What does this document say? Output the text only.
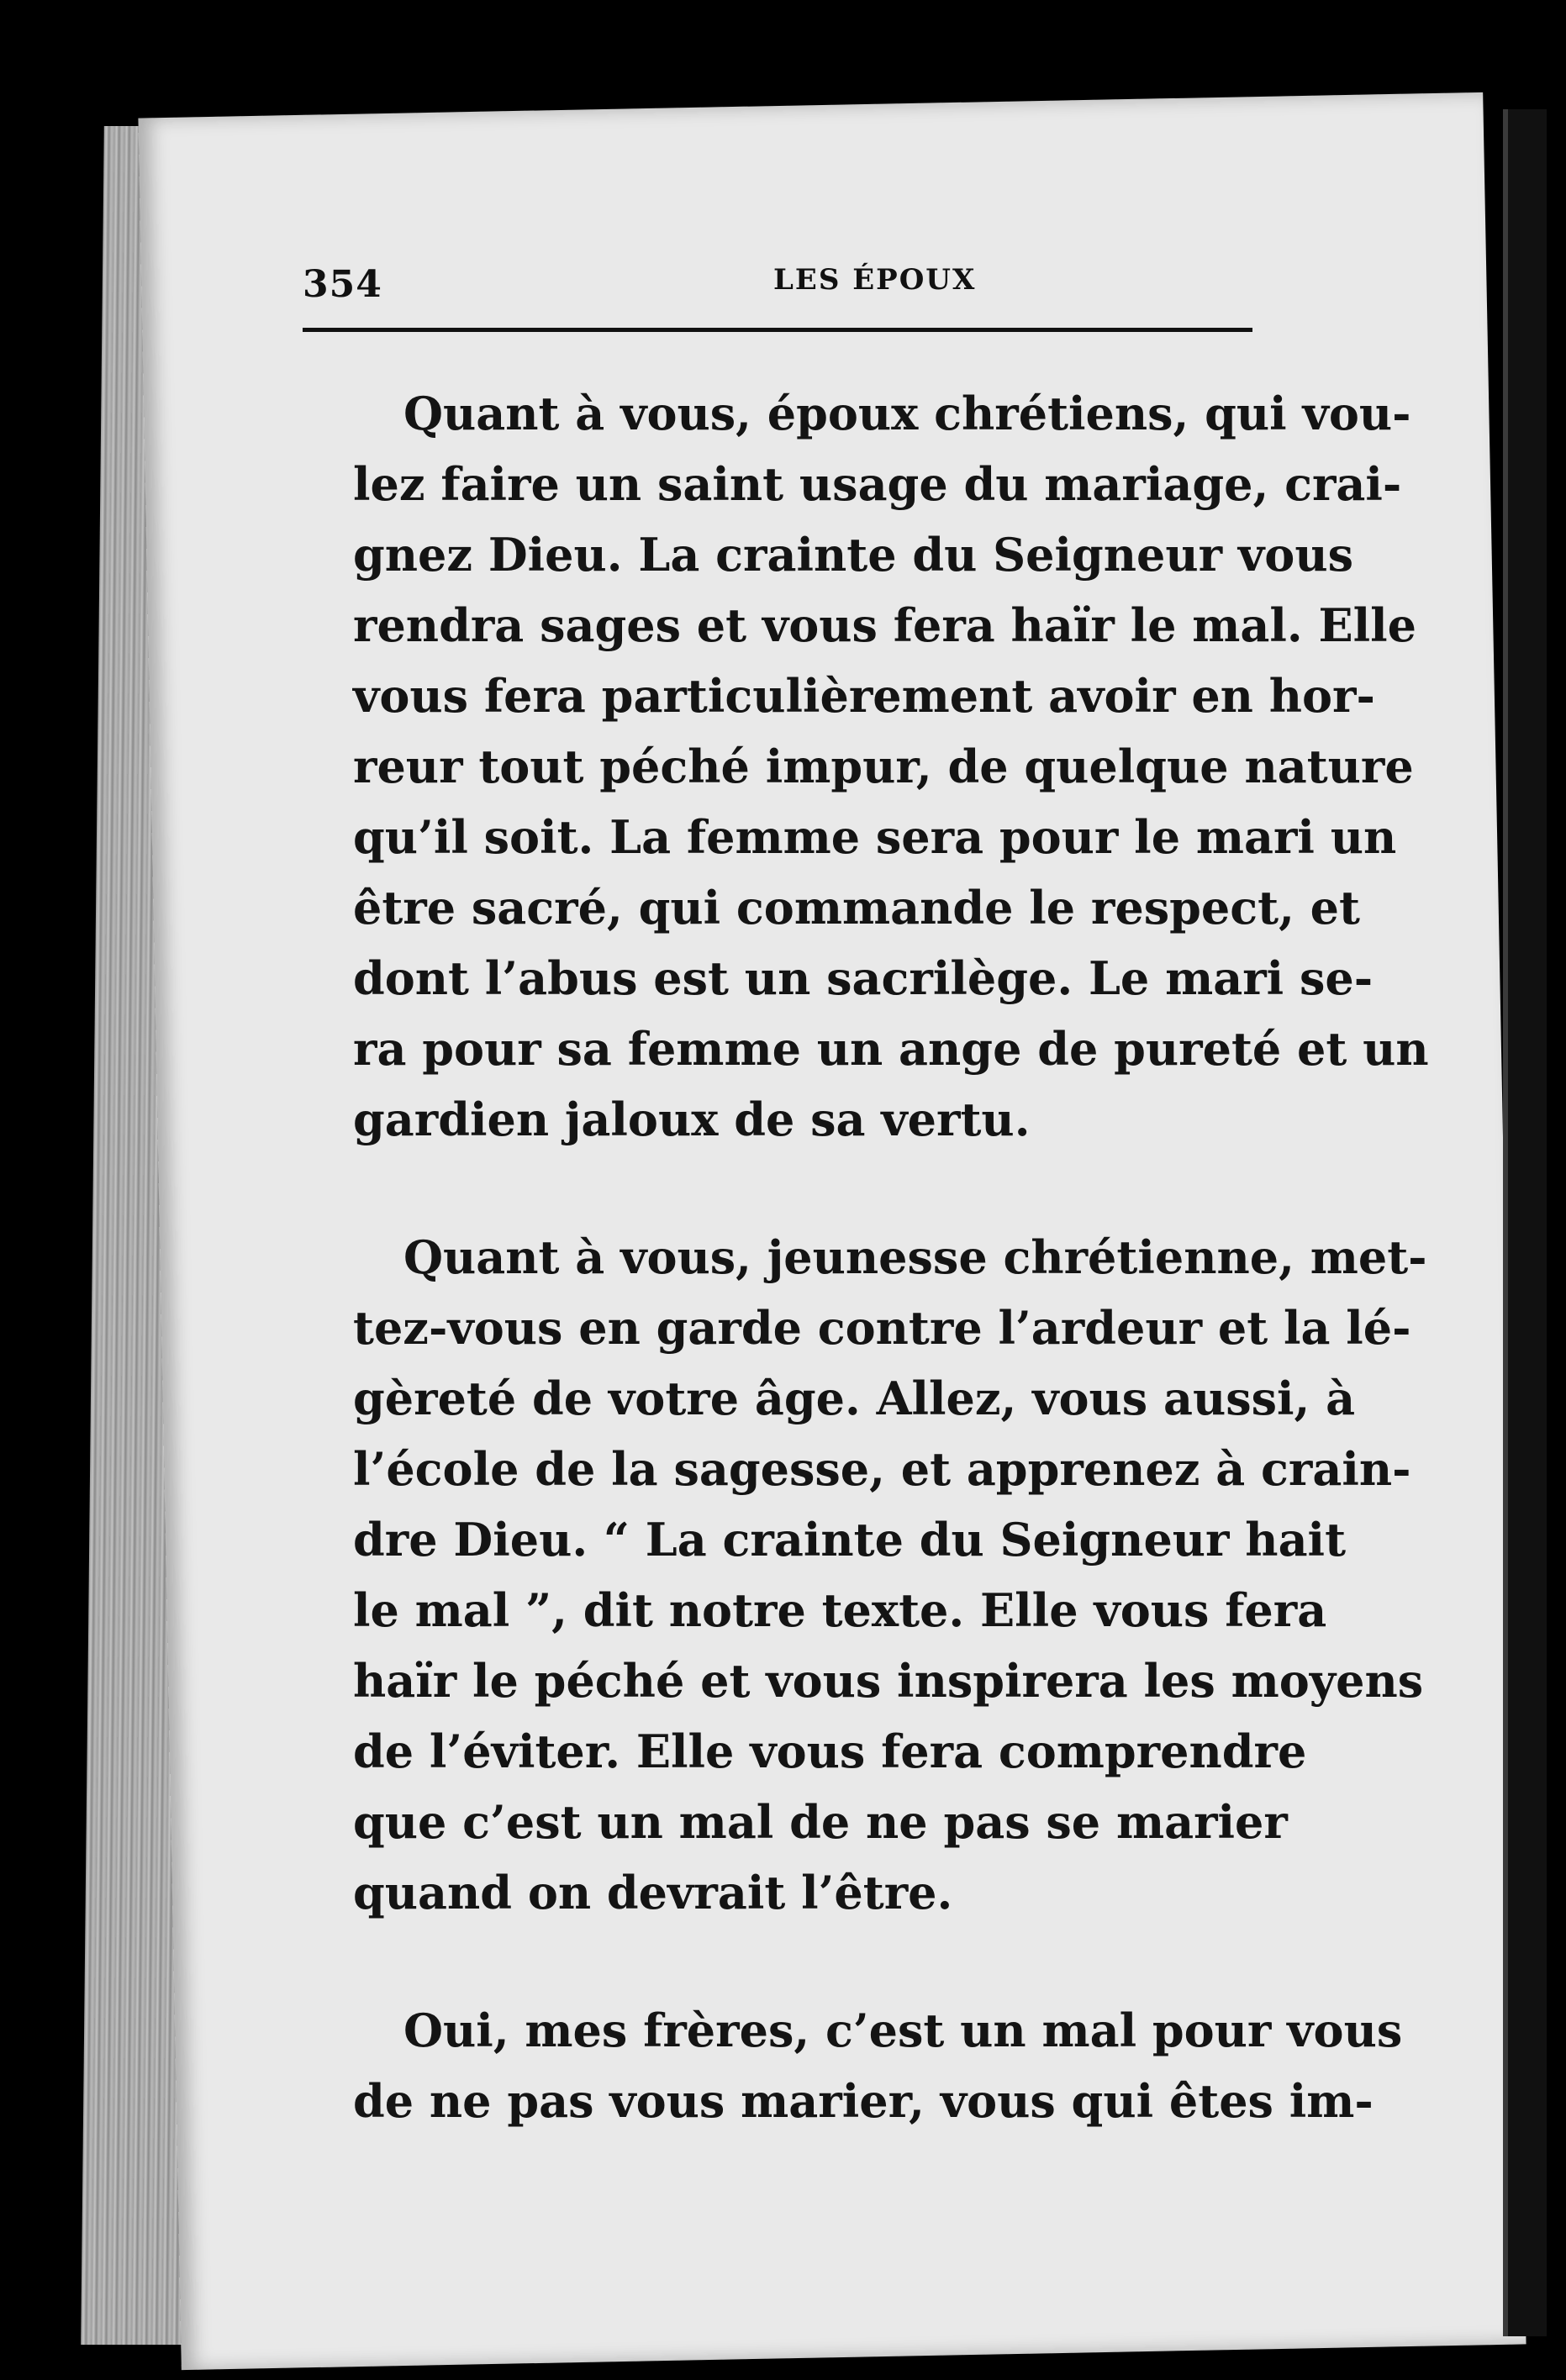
354	LES ÉPOUX
Quant à vous, époux chrétiens, qui vou-
lez faire un saint usage du mariage, crai-
gnez Dieu. La crainte du Seigneur vous
rendra sages et vous fera haïr le mal. Elle
vous fera particulièrement avoir en hor-
reur tout péché impur, de quelque nature
qu’il soit. La femme sera pour le mari un
être sacré, qui commande le respect, et
dont l’abus est un sacrilège. Le mari se-
ra pour sa femme un ange de pureté et un
gardien jaloux de sa vertu.
Quant à vous, jeunesse chrétienne, met-
tez-vous en garde contre l’ardeur et la lé-
gèreté de votre âge. Allez, vous aussi, à
l’école de la sagesse, et apprenez à crain-
dre Dieu. “ La crainte du Seigneur hait
le mal ”, dit notre texte. Elle vous fera
haïr le péché et vous inspirera les moyens
de l’éviter. Elle vous fera comprendre
que c’est un mal de ne pas se marier
quand on devrait l’être.
Oui, mes frères, c’est un mal pour vous
de ne pas vous marier, vous qui êtes im-
